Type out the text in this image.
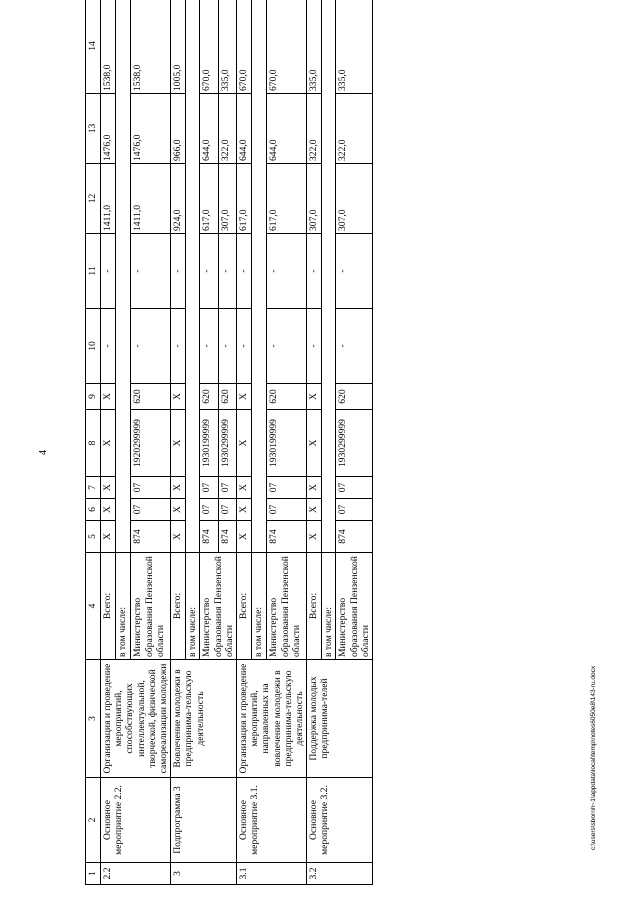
4
1	2	3	4	5	6	7	8	9	10	11	12	13	14
2.2	Основное мероприятие 2.2.	Организация и проведение мероприятий, способствующих интеллектуальной, творческой, физической самореализации молодежи	Всего:	X	X	X	X	X	-	-	1411,0	1476,0	1538,0
			в том числе:										
			Министерство образования Пензенской области	874	07	07	1920299999	620	-	-	1411,0	1476,0	1538,0
3	Подпрограмма 3	Вовлечение молодежи в предпринима-тельскую деятельность	Всего:	X	X	X	X	X	-	-	924,0	966,0	1005,0
			в том числе:										
			Министерство образования Пензенской области	874	07	07	1930199999	620	-	-	617,0	644,0	670,0
				874	07	07	1930299999	620	-	-	307,0	322,0	335,0
3.1	Основное мероприятие 3.1.	Организация и проведение мероприятий, направленных на вовлечение молодежи в предпринима-тельскую деятельность	Всего:	X	X	X	X	X	-	-	617,0	644,0	670,0
			в том числе:										
			Министерство образования Пензенской области	874	07	07	1930199999	620	-	-	617,0	644,0	670,0
3.2	Основное мероприятие 3.2.	Поддержка молодых предпринима-телей	Всего:	X	X	X	X	X	-	-	307,0	322,0	335,0
			в том числе:										
			Министерство образования Пензенской области	874	07	07	1930299999	620	-	-	307,0	322,0	335,0
c:\users\sbornh~1\appdata\local\temp\notes6050e8\143-ru.docx
